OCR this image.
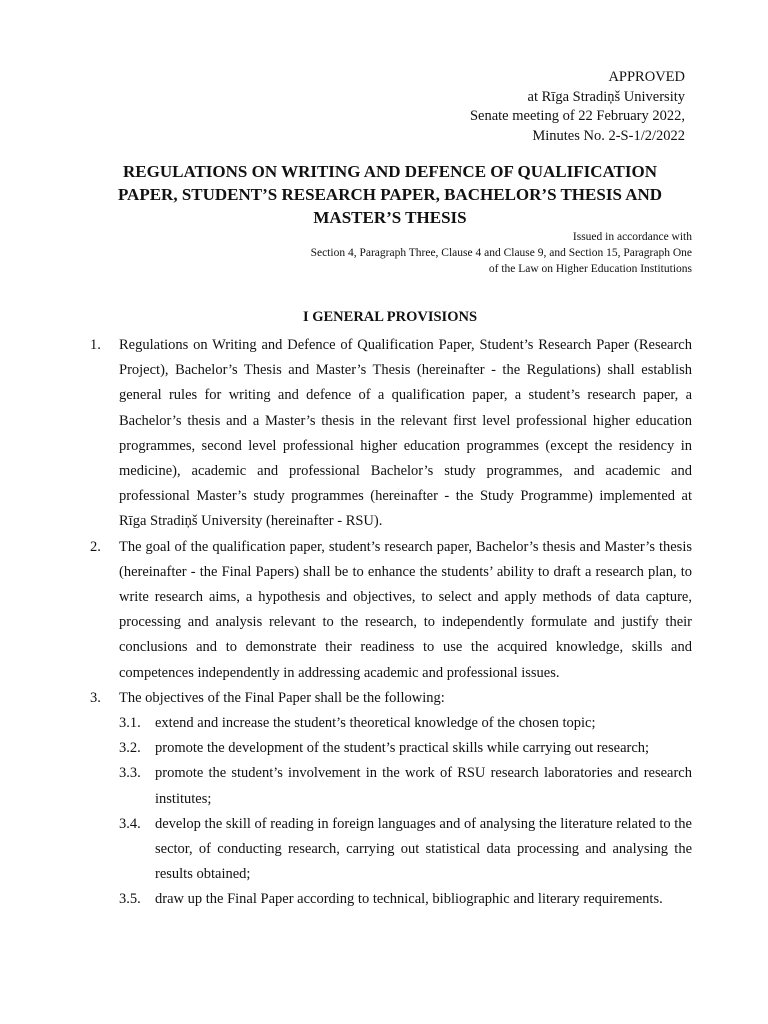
APPROVED
at Rīga Stradiņš University
Senate meeting of 22 February 2022,
Minutes No. 2-S-1/2/2022
REGULATIONS ON WRITING AND DEFENCE OF QUALIFICATION
PAPER, STUDENT’S RESEARCH PAPER, BACHELOR’S THESIS AND
MASTER’S THESIS
Issued in accordance with
Section 4, Paragraph Three, Clause 4 and Clause 9, and Section 15, Paragraph One
of the Law on Higher Education Institutions
I GENERAL PROVISIONS
1.	Regulations on Writing and Defence of Qualification Paper, Student’s Research Paper (Research Project), Bachelor’s Thesis and Master’s Thesis (hereinafter - the Regulations) shall establish general rules for writing and defence of a qualification paper, a student’s research paper, a Bachelor’s thesis and a Master’s thesis in the relevant first level professional higher education programmes, second level professional higher education programmes (except the residency in medicine), academic and professional Bachelor’s study programmes, and academic and professional Master’s study programmes (hereinafter - the Study Programme) implemented at Rīga Stradiņš University (hereinafter - RSU).
2.	The goal of the qualification paper, student’s research paper, Bachelor’s thesis and Master’s thesis (hereinafter - the Final Papers) shall be to enhance the students’ ability to draft a research plan, to write research aims, a hypothesis and objectives, to select and apply methods of data capture, processing and analysis relevant to the research, to independently formulate and justify their conclusions and to demonstrate their readiness to use the acquired knowledge, skills and competences independently in addressing academic and professional issues.
3.	The objectives of the Final Paper shall be the following:
3.1. extend and increase the student’s theoretical knowledge of the chosen topic;
3.2. promote the development of the student’s practical skills while carrying out research;
3.3. promote the student’s involvement in the work of RSU research laboratories and research institutes;
3.4. develop the skill of reading in foreign languages and of analysing the literature related to the sector, of conducting research, carrying out statistical data processing and analysing the results obtained;
3.5. draw up the Final Paper according to technical, bibliographic and literary requirements.
